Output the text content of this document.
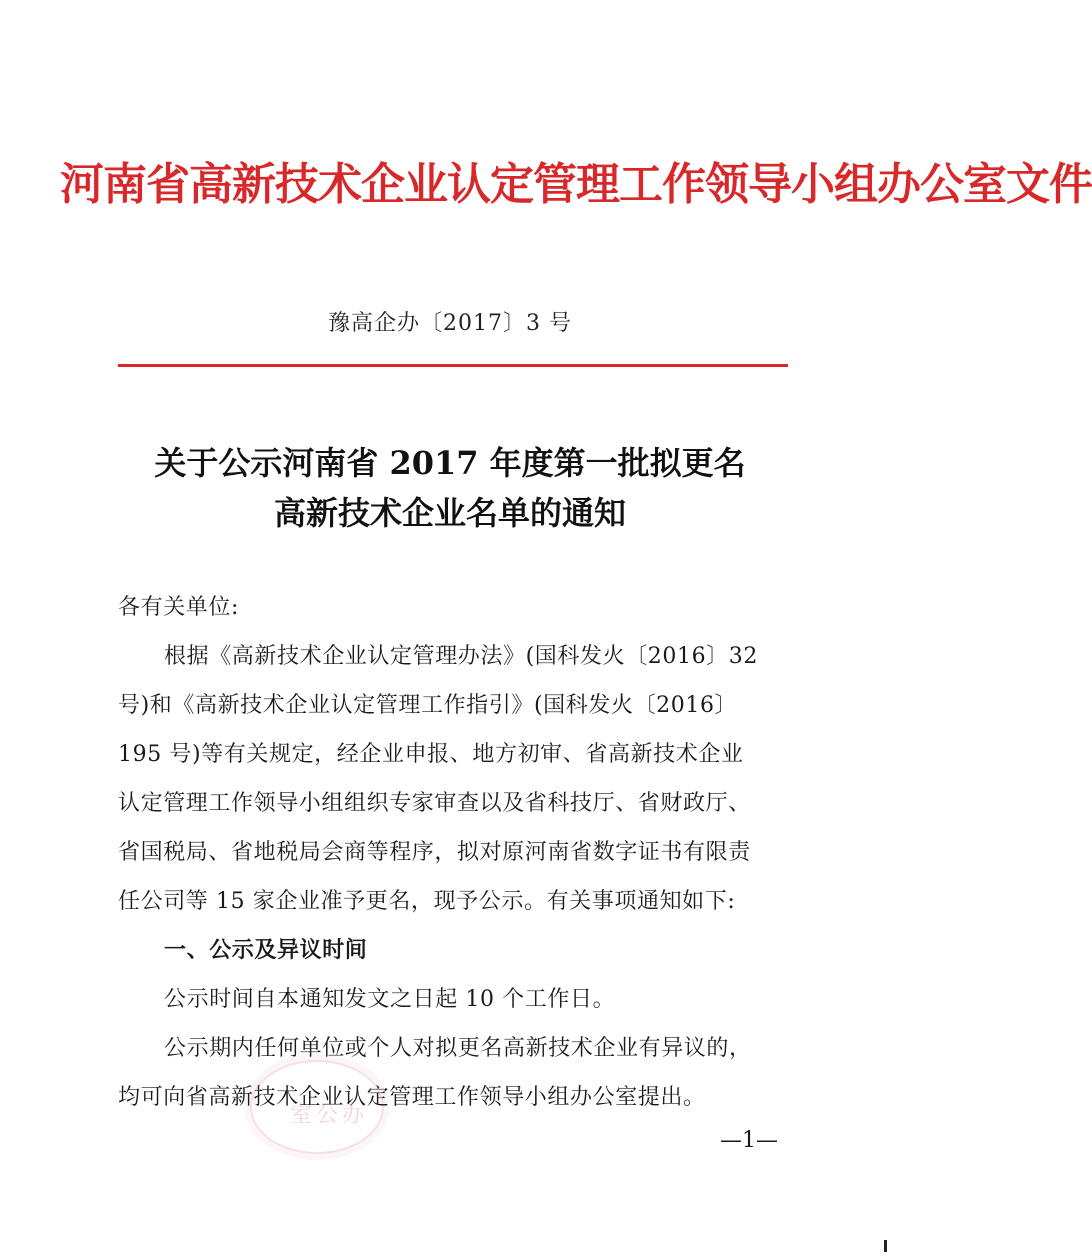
河南省高新技术企业认定管理工作领导小组办公室文件
豫高企办〔2017〕3 号
关于公示河南省 2017 年度第一批拟更名
高新技术企业名单的通知
各有关单位:
根据《高新技术企业认定管理办法》(国科发火〔2016〕32
号)和《高新技术企业认定管理工作指引》(国科发火〔2016〕
195 号)等有关规定，经企业申报、地方初审、省高新技术企业
认定管理工作领导小组组织专家审查以及省科技厅、省财政厅、
省国税局、省地税局会商等程序，拟对原河南省数字证书有限责
任公司等 15 家企业准予更名，现予公示。有关事项通知如下:
一、公示及异议时间
公示时间自本通知发文之日起 10 个工作日。
公示期内任何单位或个人对拟更名高新技术企业有异议的，
均可向省高新技术企业认定管理工作领导小组办公室提出。
室公办
—1—
